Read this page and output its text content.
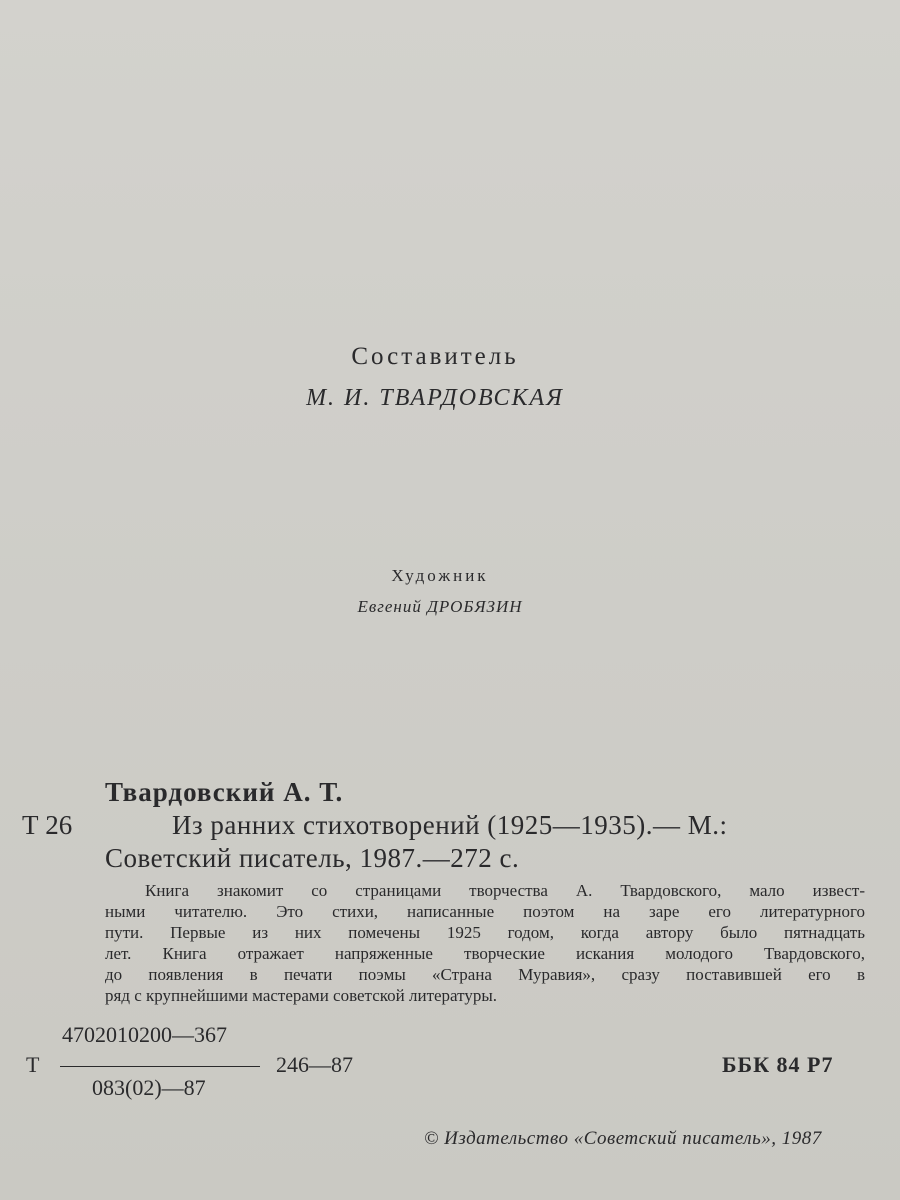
Составитель
М. И. ТВАРДОВСКАЯ
Художник
Евгений ДРОБЯЗИН
Твардовский А. Т.
Т 26	Из ранних стихотворений (1925—1935).— М.:
Советский писатель, 1987.—272 с.
Книга знакомит со страницами творчества А. Твардовского, мало извест-
ными читателю. Это стихи, написанные поэтом на заре его литературного
пути. Первые из них помечены 1925 годом, когда автору было пятнадцать
лет. Книга отражает напряженные творческие искания молодого Твардовского,
до появления в печати поэмы «Страна Муравия», сразу поставившей его в
ряд с крупнейшими мастерами советской литературы.
Т
4702010200—367
083(02)—87
246—87	ББК 84 Р7
© Издательство «Советский писатель», 1987
